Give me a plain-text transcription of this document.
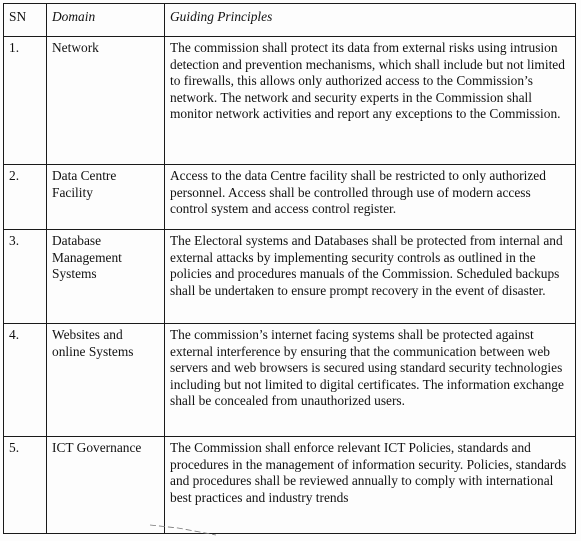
SN	Domain	Guiding Principles
1.	Network	The commission shall protect its data from external risks using intrusion detection and prevention mechanisms, which shall include but not limited to firewalls, this allows only authorized access to the Commission’s network. The network and security experts in the Commission shall monitor network activities and report any exceptions to the Commission.
2.	Data Centre Facility	Access to the data Centre facility shall be restricted to only authorized personnel. Access shall be controlled through use of modern access control system and access control register.
3.	Database Management Systems	The Electoral systems and Databases shall be protected from internal and external attacks by implementing security controls as outlined in the policies and procedures manuals of the Commission. Scheduled backups shall be undertaken to ensure prompt recovery in the event of disaster.
4.	Websites and online Systems	The commission’s internet facing systems shall be protected against external interference by ensuring that the communication between web servers and web browsers is secured using standard security technologies including but not limited to digital certificates. The information exchange shall be concealed from unauthorized users.
5.	ICT Governance	The Commission shall enforce relevant ICT Policies, standards and procedures in the management of information security. Policies, standards and procedures shall be reviewed annually to comply with international best practices and industry trends
